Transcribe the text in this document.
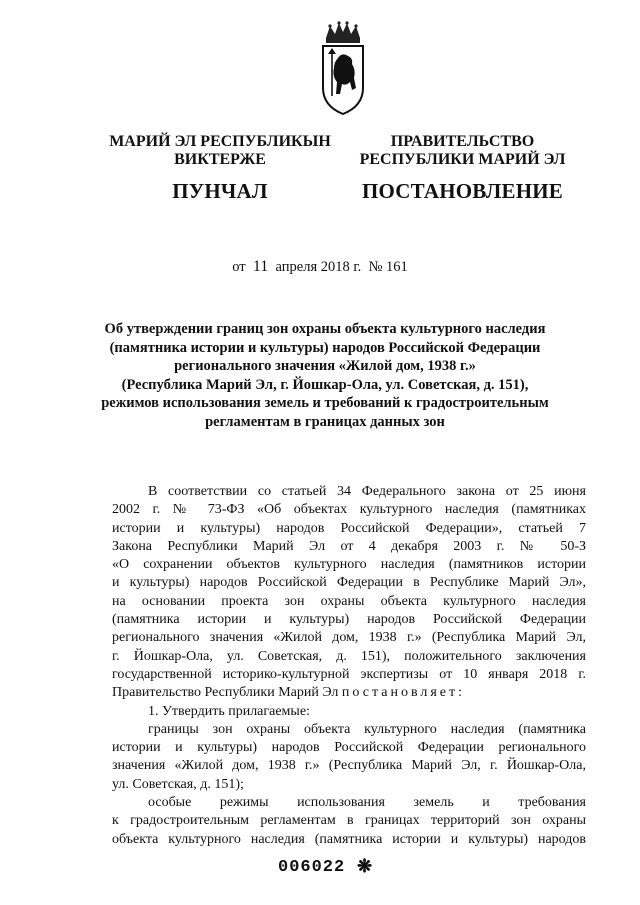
МАРИЙ ЭЛ РЕСПУБЛИКЫН
ВИКТЕРЖЕ
ПУНЧАЛ
ПРАВИТЕЛЬСТВО
РЕСПУБЛИКИ МАРИЙ ЭЛ
ПОСТАНОВЛЕНИЕ
от 11 апреля 2018 г. № 161
Об утверждении границ зон охраны объекта культурного наследия
(памятника истории и культуры) народов Российской Федерации
регионального значения «Жилой дом, 1938 г.»
(Республика Марий Эл, г. Йошкар-Ола, ул. Советская, д. 151),
режимов использования земель и требований к градостроительным
регламентам в границах данных зон
В соответствии со статьей 34 Федерального закона от 25 июня
2002 г. № 73-ФЗ «Об объектах культурного наследия (памятниках
истории и культуры) народов Российской Федерации», статьей 7
Закона Республики Марий Эл от 4 декабря 2003 г. № 50-З
«О сохранении объектов культурного наследия (памятников истории
и культуры) народов Российской Федерации в Республике Марий Эл»,
на основании проекта зон охраны объекта культурного наследия
(памятника истории и культуры) народов Российской Федерации
регионального значения «Жилой дом, 1938 г.» (Республика Марий Эл,
г. Йошкар-Ола, ул. Советская, д. 151), положительного заключения
государственной историко-культурной экспертизы от 10 января 2018 г.
Правительство Республики Марий Эл постановляет:
1. Утвердить прилагаемые:
границы зон охраны объекта культурного наследия (памятника
истории и культуры) народов Российской Федерации регионального
значения «Жилой дом, 1938 г.» (Республика Марий Эл, г. Йошкар-Ола,
ул. Советская, д. 151);
особые режимы использования земель и требования
к градостроительным регламентам в границах территорий зон охраны
объекта культурного наследия (памятника истории и культуры) народов
006022 ❋
